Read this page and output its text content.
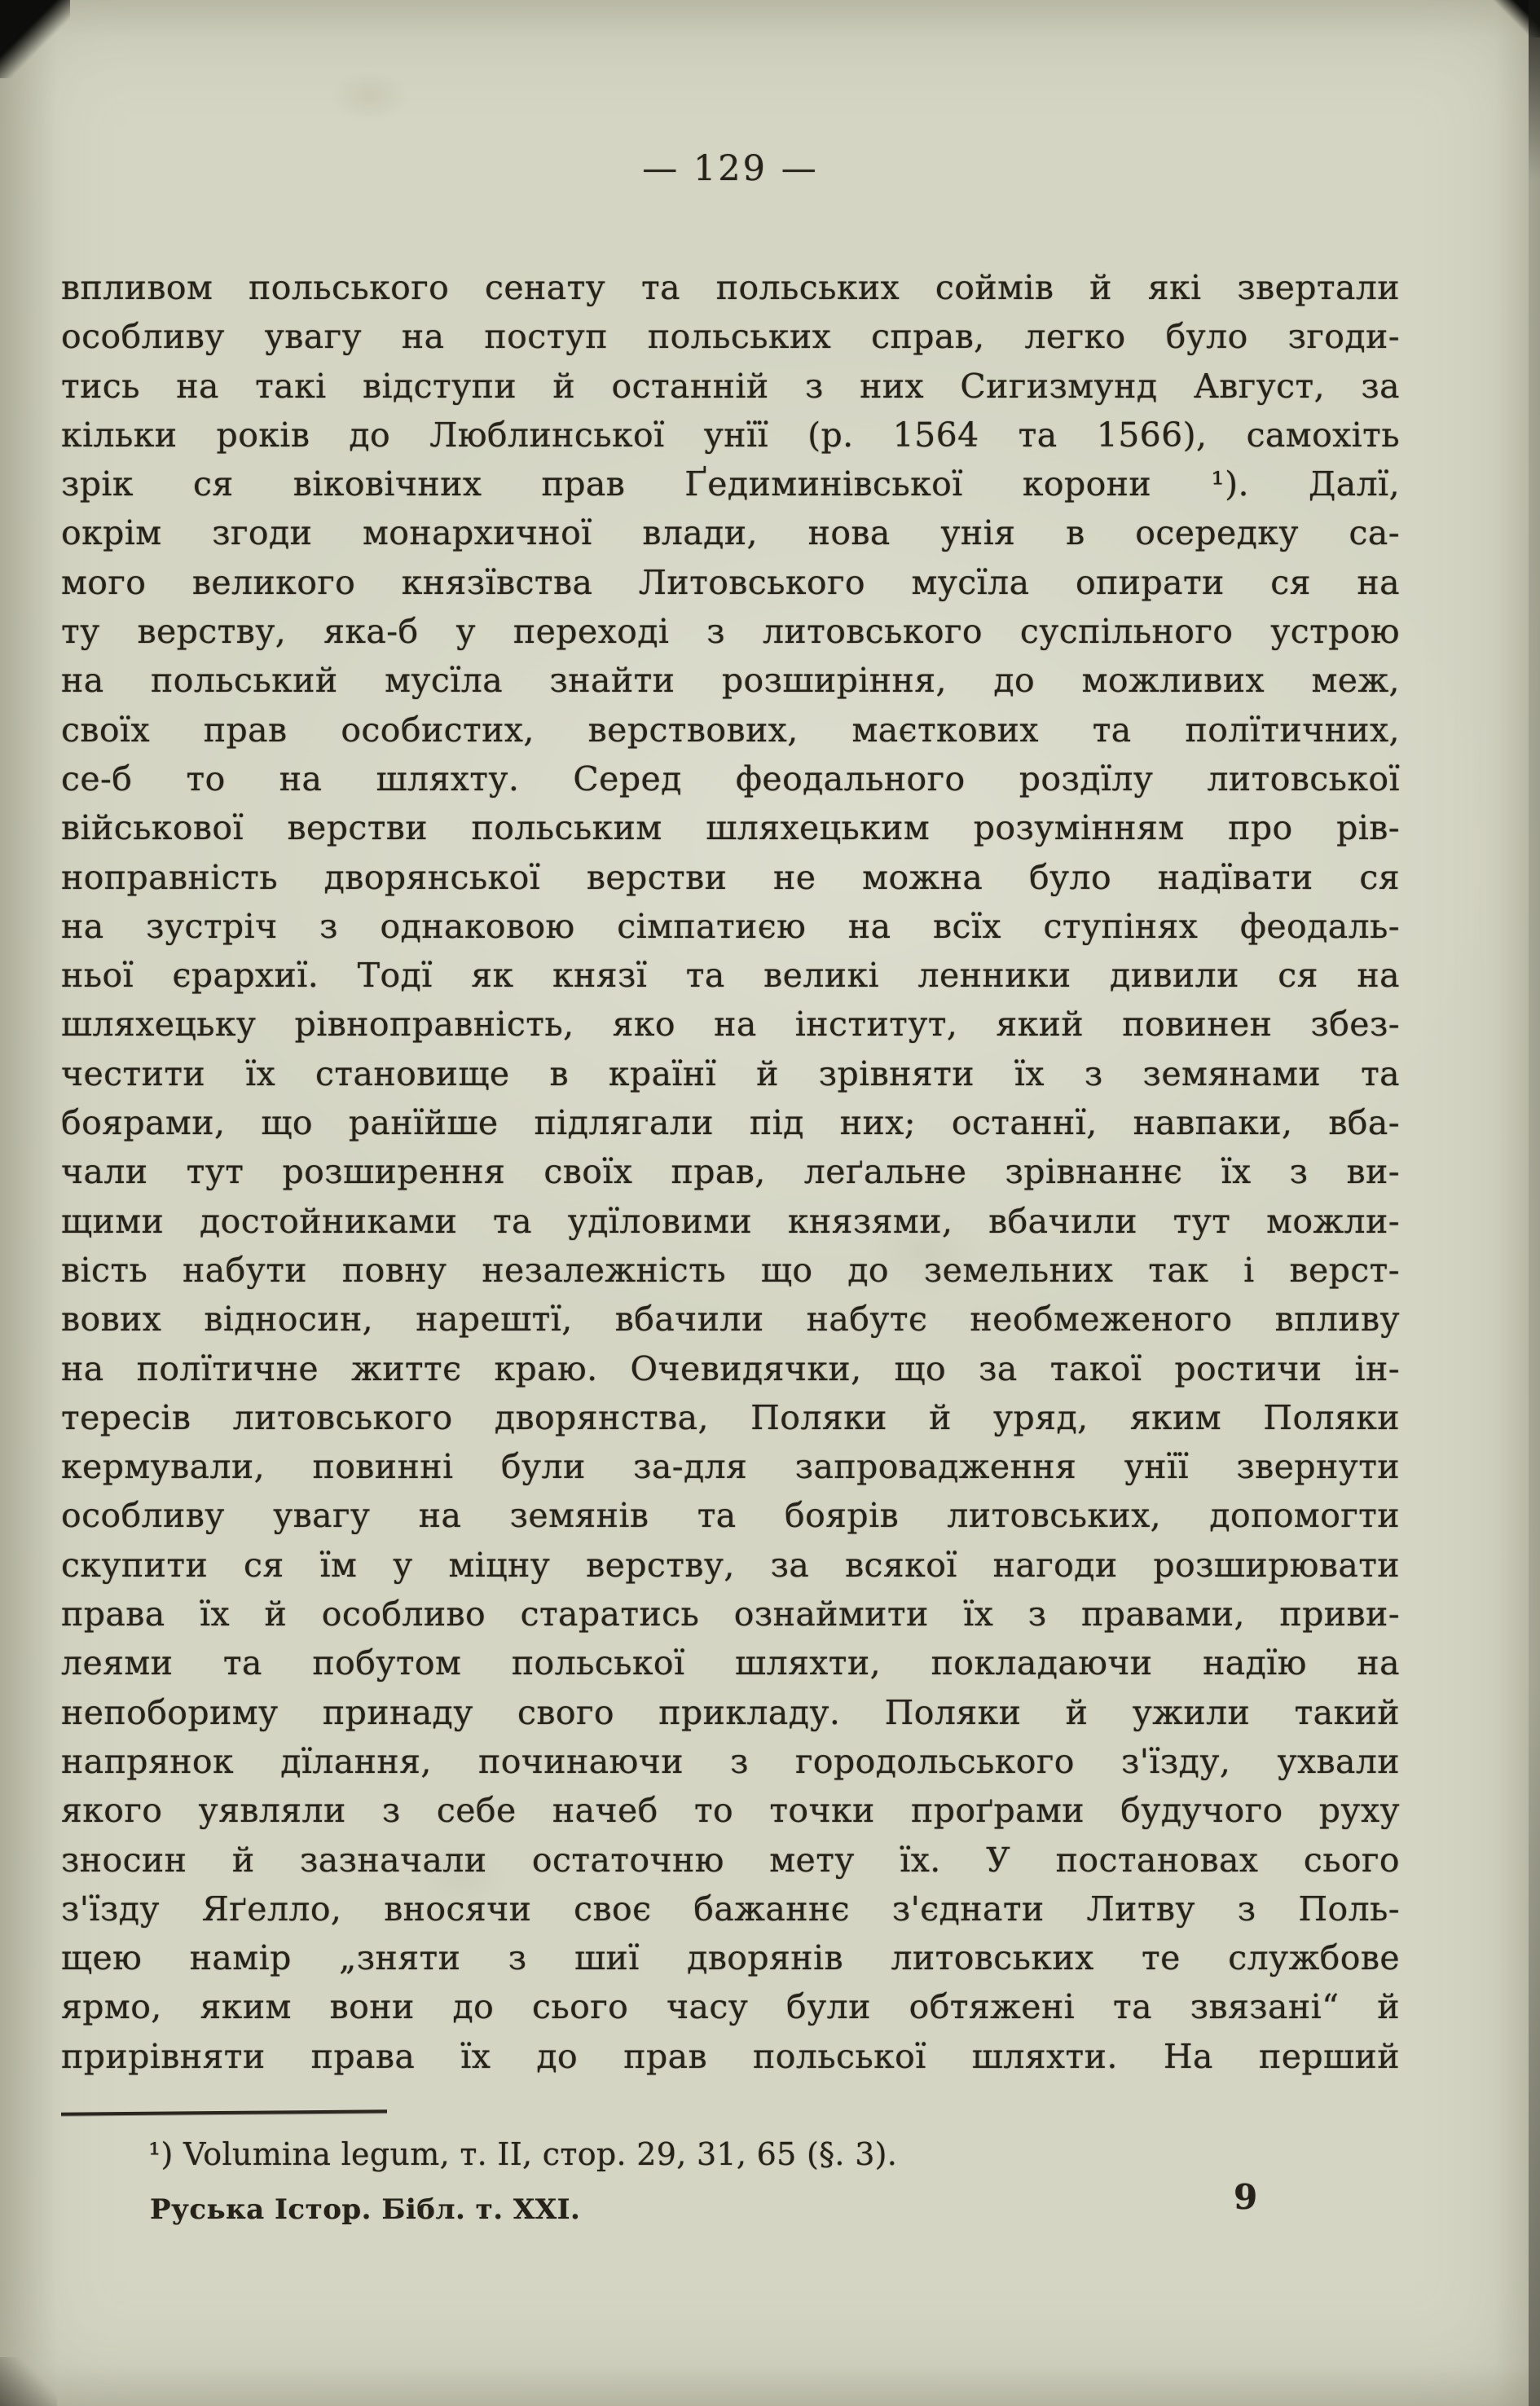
— 129 —
впливом польського сенату та польських соймів й які звертали
особливу увагу на поступ польських справ, легко було згоди-
тись на такі відступи й останній з них Сигизмунд Август, за
кільки років до Люблинської унїї (р. 1564 та 1566), самохіть
зрік ся віковічних прав Ґедиминівської корони ¹). Далї,
окрім згоди монархичної влади, нова унія в осередку са-
мого великого князївства Литовського мусїла опирати ся на
ту верству, яка-б у переході з литовського суспільного устрою
на польський мусїла знайти розширіння, до можливих меж,
своїх прав особистих, верствових, маєткових та полїтичних,
се-б то на шляхту. Серед феодального роздїлу литовської
військової верстви польським шляхецьким розумінням про рів-
ноправність дворянської верстви не можна було надївати ся
на зустріч з однаковою сімпатиєю на всїх ступінях феодаль-
ньої єрархиї. Тодї як князї та великі ленники дивили ся на
шляхецьку рівноправність, яко на інститут, який повинен збез-
честити їх становище в країнї й зрівняти їх з земянами та
боярами, що ранїйше підлягали під них; останнї, навпаки, вба-
чали тут розширення своїх прав, леґальне зрівнаннє їх з ви-
щими достойниками та удїловими князями, вбачили тут можли-
вість набути повну незалежність що до земельних так і верст-
вових відносин, нарештї, вбачили набутє необмеженого впливу
на полїтичне життє краю. Очевидячки, що за такої ростичи ін-
тересів литовського дворянства, Поляки й уряд, яким Поляки
кермували, повинні були за-для запровадження унїї звернути
особливу увагу на земянів та боярів литовських, допомогти
скупити ся їм у міцну верству, за всякої нагоди розширювати
права їх й особливо старатись ознаймити їх з правами, приви-
леями та побутом польської шляхти, покладаючи надїю на
непобориму принаду свого прикладу. Поляки й ужили такий
напрянок дїлання, починаючи з городольського з'їзду, ухвали
якого уявляли з себе начеб то точки проґрами будучого руху
зносин й зазначали остаточню мету їх. У постановах сього
з'їзду Яґелло, вносячи своє бажаннє з'єднати Литву з Поль-
щею намір „зняти з шиї дворянів литовських те службове
ярмо, яким вони до сього часу були обтяжені та звязані“ й
прирівняти права їх до прав польської шляхти. На перший
¹) Volumina legum, т. II, стор. 29, 31, 65 (§. 3).
Руська Істор. Бібл. т. XXI.	9
